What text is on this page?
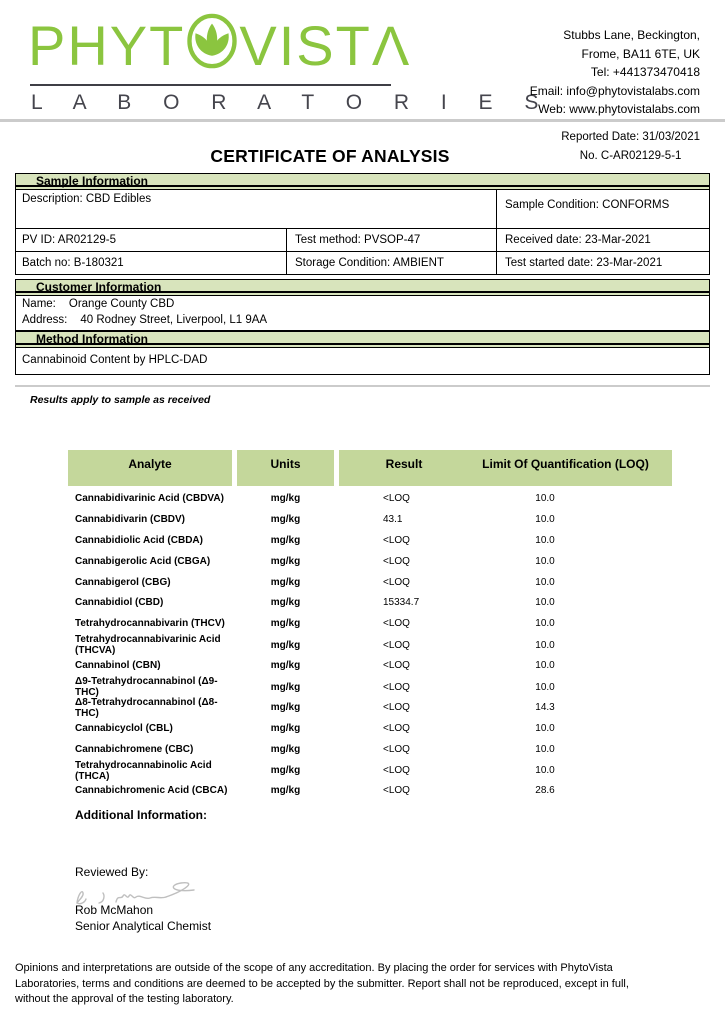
PHYT VISTΛ
L A B O R A T O R I E S
Stubbs Lane, Beckington,
Frome, BA11 6TE, UK
Tel: +441373470418
Email: info@phytovistalabs.com
Web: www.phytovistalabs.com
Reported Date: 31/03/2021
No. C-AR02129-5-1
CERTIFICATE OF ANALYSIS
Sample Information
Description: CBD Edibles	Sample Condition: CONFORMS
PV ID: AR02129-5	Test method: PVSOP-47	Received date: 23-Mar-2021
Batch no: B-180321	Storage Condition: AMBIENT	Test started date: 23-Mar-2021
Customer Information
Name: Orange County CBD
Address: 40 Rodney Street, Liverpool, L1 9AA
Method Information
Cannabinoid Content by HPLC-DAD
Results apply to sample as received
Analyte	Units	Result	Limit Of Quantification (LOQ)
Cannabidivarinic Acid (CBDVA)	mg/kg	<LOQ	10.0
Cannabidivarin (CBDV)	mg/kg	43.1	10.0
Cannabidiolic Acid (CBDA)	mg/kg	<LOQ	10.0
Cannabigerolic Acid (CBGA)	mg/kg	<LOQ	10.0
Cannabigerol (CBG)	mg/kg	<LOQ	10.0
Cannabidiol (CBD)	mg/kg	15334.7	10.0
Tetrahydrocannabivarin (THCV)	mg/kg	<LOQ	10.0
Tetrahydrocannabivarinic Acid (THCVA)	mg/kg	<LOQ	10.0
Cannabinol (CBN)	mg/kg	<LOQ	10.0
Δ9-Tetrahydrocannabinol (Δ9-THC)	mg/kg	<LOQ	10.0
Δ8-Tetrahydrocannabinol (Δ8-THC)	mg/kg	<LOQ	14.3
Cannabicyclol (CBL)	mg/kg	<LOQ	10.0
Cannabichromene (CBC)	mg/kg	<LOQ	10.0
Tetrahydrocannabinolic Acid (THCA)	mg/kg	<LOQ	10.0
Cannabichromenic Acid (CBCA)	mg/kg	<LOQ	28.6
Additional Information:
Reviewed By:
Rob McMahon
Senior Analytical Chemist
Opinions and interpretations are outside of the scope of any accreditation. By placing the order for services with PhytoVista Laboratories, terms and conditions are deemed to be accepted by the submitter. Report shall not be reproduced, except in full, without the approval of the testing laboratory.
